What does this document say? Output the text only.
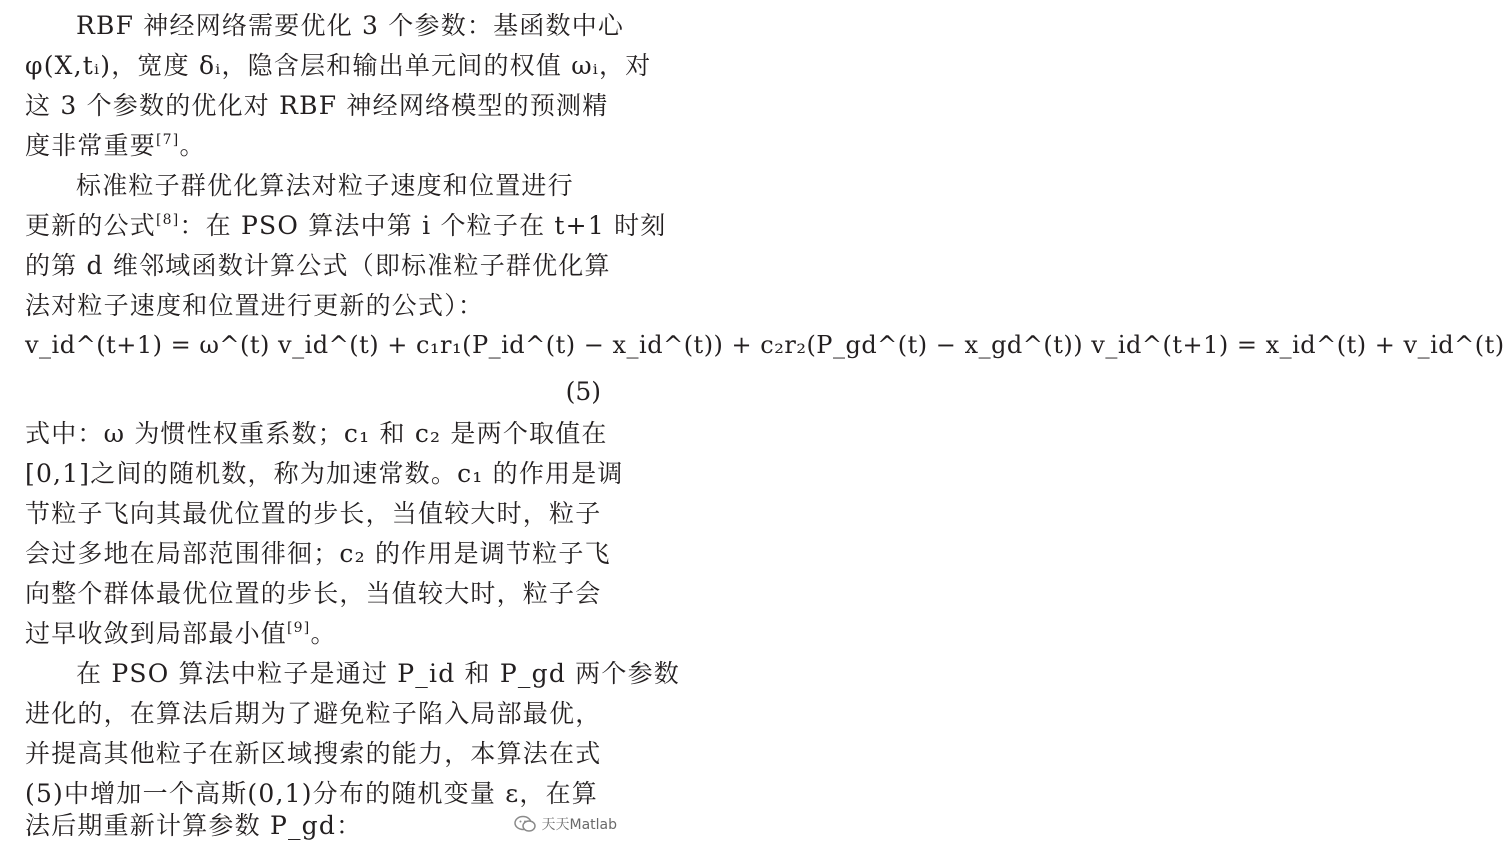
RBF 神经网络需要优化 3 个参数：基函数中心
φ(X,tᵢ)，宽度 δᵢ，隐含层和输出单元间的权值 ωᵢ，对
这 3 个参数的优化对 RBF 神经网络模型的预测精
度非常重要[7]。
标准粒子群优化算法对粒子速度和位置进行
更新的公式[8]：在 PSO 算法中第 i 个粒子在 t+1 时刻
的第 d 维邻域函数计算公式（即标准粒子群优化算
法对粒子速度和位置进行更新的公式）：
v_id^(t+1) = ω^(t) v_id^(t) + c₁r₁(P_id^(t) − x_id^(t)) + c₂r₂(P_gd^(t) − x_gd^(t)) v_id^(t+1) = x_id^(t) + v_id^(t)
(5)
式中：ω 为惯性权重系数；c₁ 和 c₂ 是两个取值在
[0,1]之间的随机数，称为加速常数。c₁ 的作用是调
节粒子飞向其最优位置的步长，当值较大时，粒子
会过多地在局部范围徘徊；c₂ 的作用是调节粒子飞
向整个群体最优位置的步长，当值较大时，粒子会
过早收敛到局部最小值[9]。
在 PSO 算法中粒子是通过 P_id 和 P_gd 两个参数
进化的，在算法后期为了避免粒子陷入局部最优，
并提高其他粒子在新区域搜索的能力，本算法在式
(5)中增加一个高斯(0,1)分布的随机变量 ε，在算
法后期重新计算参数 P_gd：	天天Matlab
